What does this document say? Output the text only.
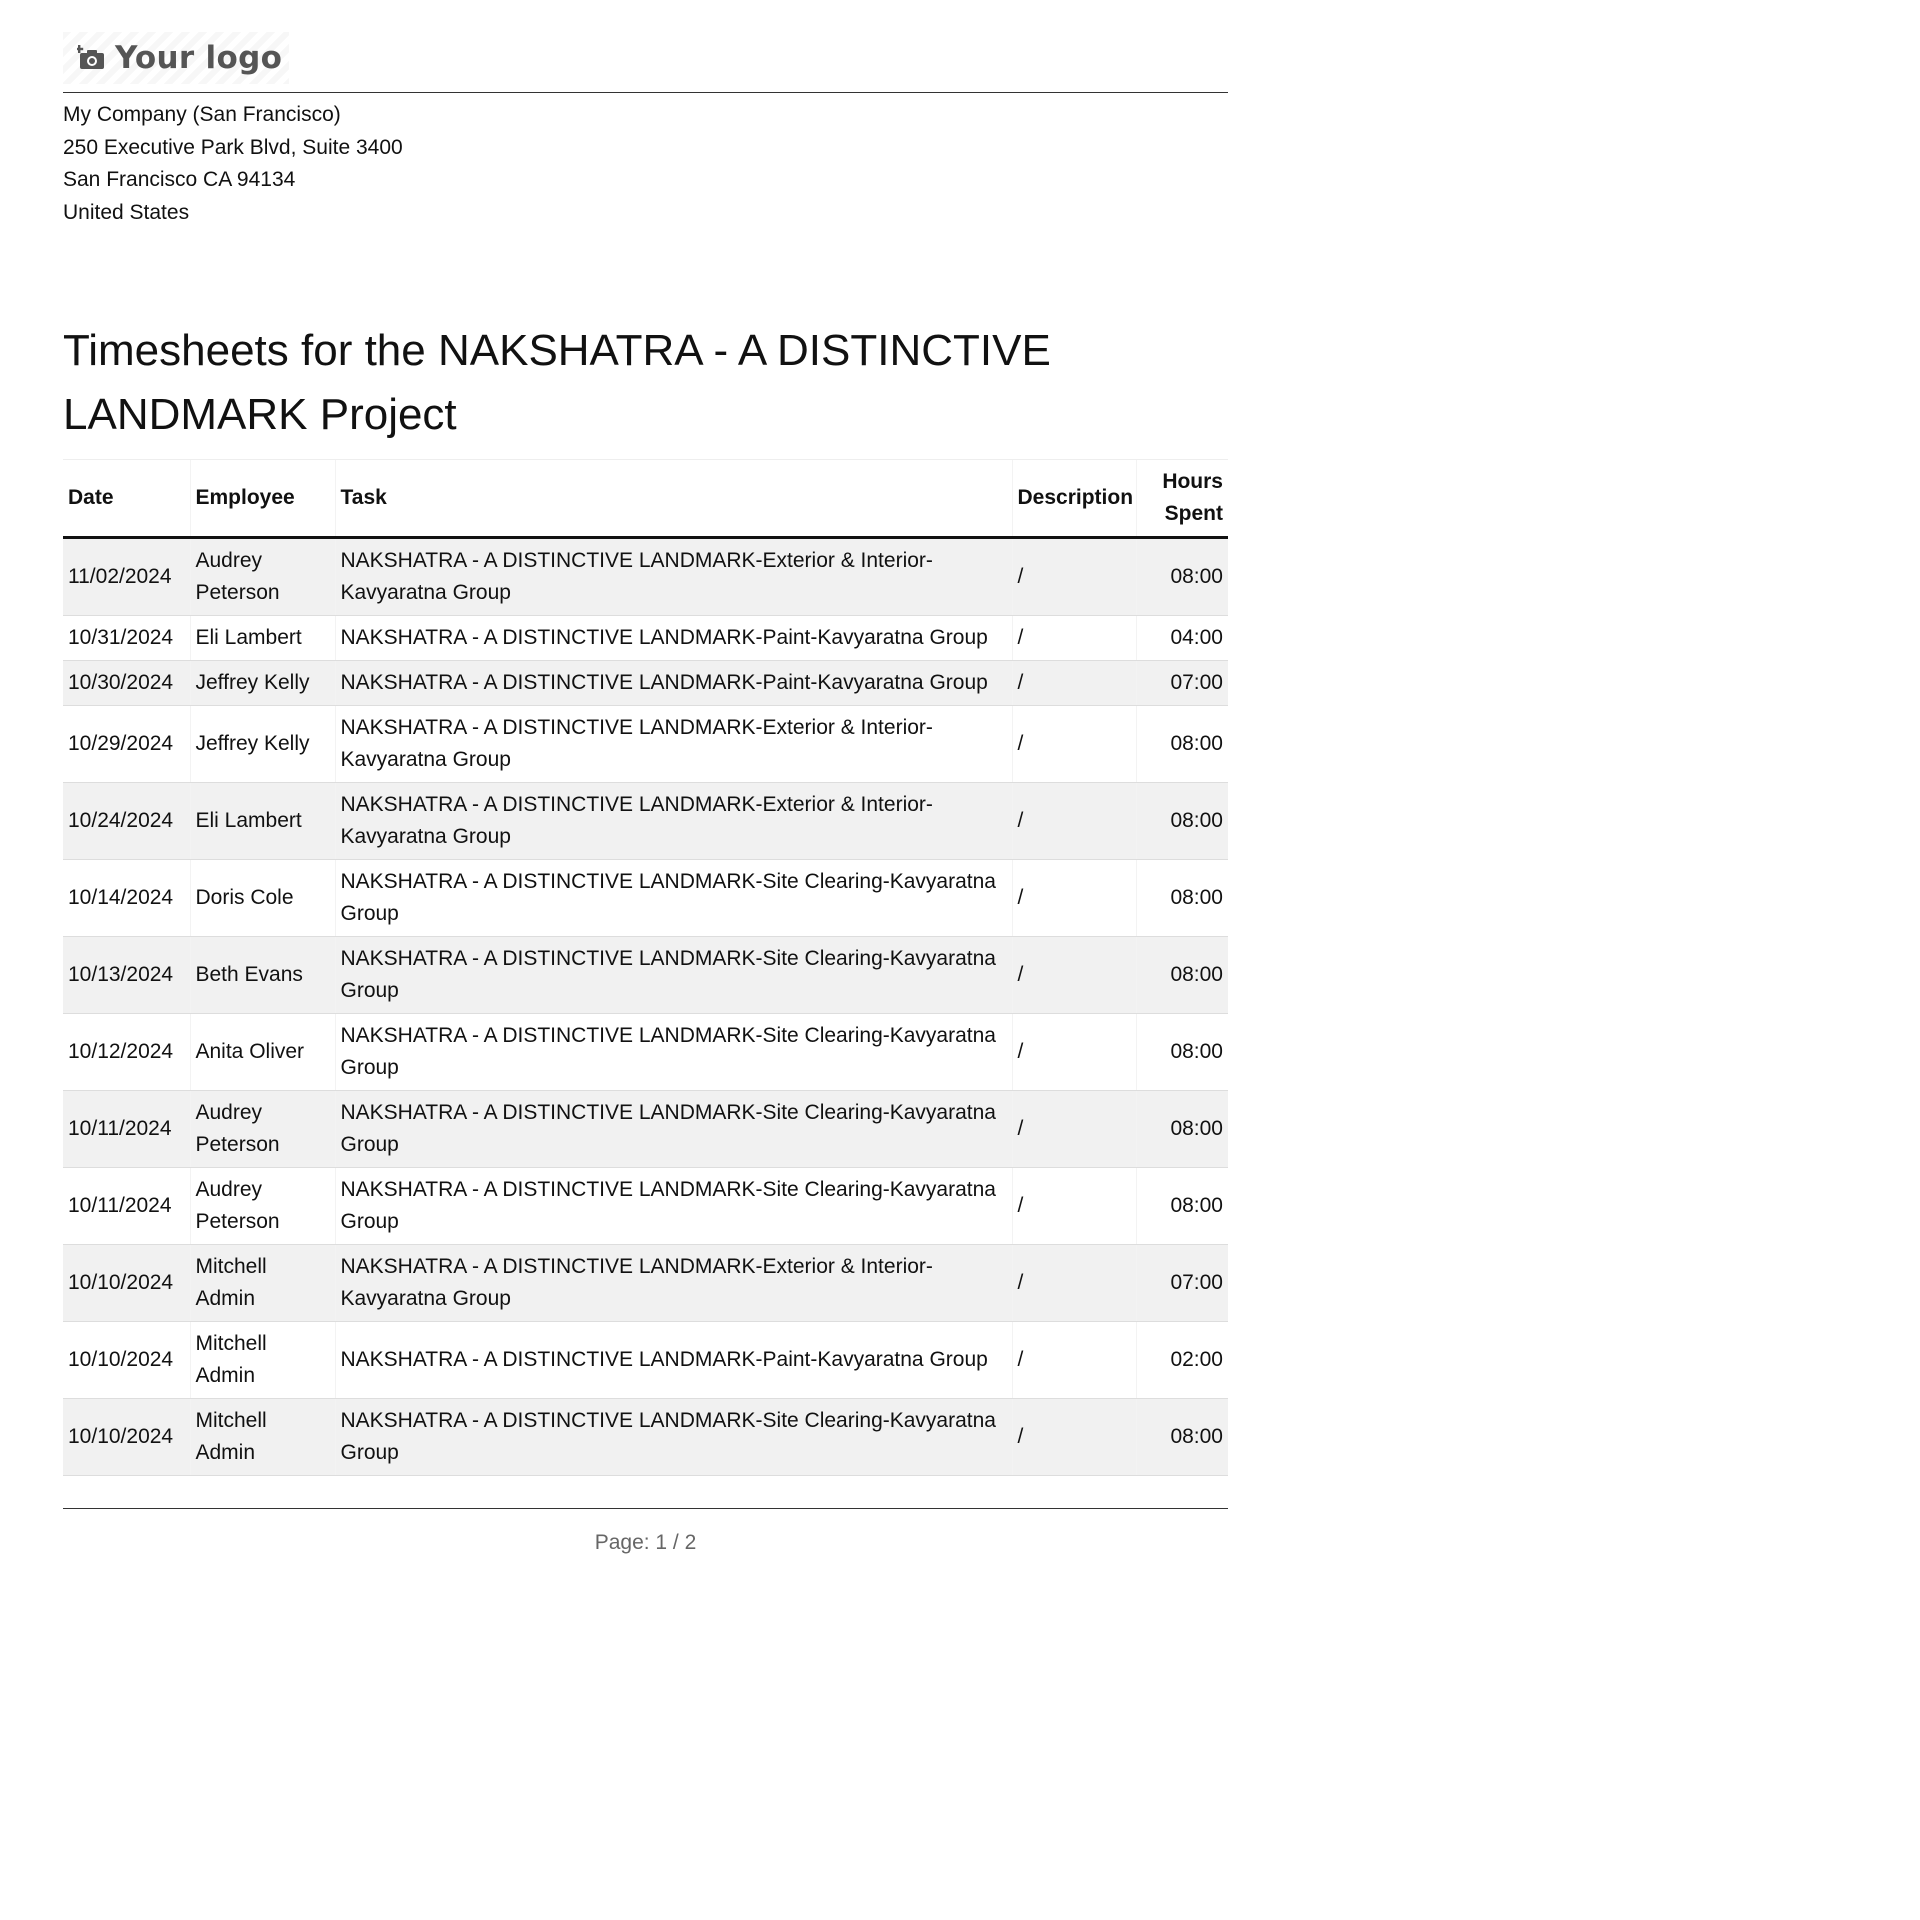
Your logo
My Company (San Francisco)
250 Executive Park Blvd, Suite 3400
San Francisco CA 94134
United States
Timesheets for the NAKSHATRA - A DISTINCTIVE LANDMARK Project
Date	Employee	Task	Description	Hours Spent
11/02/2024	Audrey Peterson	NAKSHATRA - A DISTINCTIVE LANDMARK-Exterior & Interior-Kavyaratna Group	/	08:00
10/31/2024	Eli Lambert	NAKSHATRA - A DISTINCTIVE LANDMARK-Paint-Kavyaratna Group	/	04:00
10/30/2024	Jeffrey Kelly	NAKSHATRA - A DISTINCTIVE LANDMARK-Paint-Kavyaratna Group	/	07:00
10/29/2024	Jeffrey Kelly	NAKSHATRA - A DISTINCTIVE LANDMARK-Exterior & Interior-Kavyaratna Group	/	08:00
10/24/2024	Eli Lambert	NAKSHATRA - A DISTINCTIVE LANDMARK-Exterior & Interior-Kavyaratna Group	/	08:00
10/14/2024	Doris Cole	NAKSHATRA - A DISTINCTIVE LANDMARK-Site Clearing-Kavyaratna Group	/	08:00
10/13/2024	Beth Evans	NAKSHATRA - A DISTINCTIVE LANDMARK-Site Clearing-Kavyaratna Group	/	08:00
10/12/2024	Anita Oliver	NAKSHATRA - A DISTINCTIVE LANDMARK-Site Clearing-Kavyaratna Group	/	08:00
10/11/2024	Audrey Peterson	NAKSHATRA - A DISTINCTIVE LANDMARK-Site Clearing-Kavyaratna Group	/	08:00
10/11/2024	Audrey Peterson	NAKSHATRA - A DISTINCTIVE LANDMARK-Site Clearing-Kavyaratna Group	/	08:00
10/10/2024	Mitchell Admin	NAKSHATRA - A DISTINCTIVE LANDMARK-Exterior & Interior-Kavyaratna Group	/	07:00
10/10/2024	Mitchell Admin	NAKSHATRA - A DISTINCTIVE LANDMARK-Paint-Kavyaratna Group	/	02:00
10/10/2024	Mitchell Admin	NAKSHATRA - A DISTINCTIVE LANDMARK-Site Clearing-Kavyaratna Group	/	08:00
Page: 1 / 2
